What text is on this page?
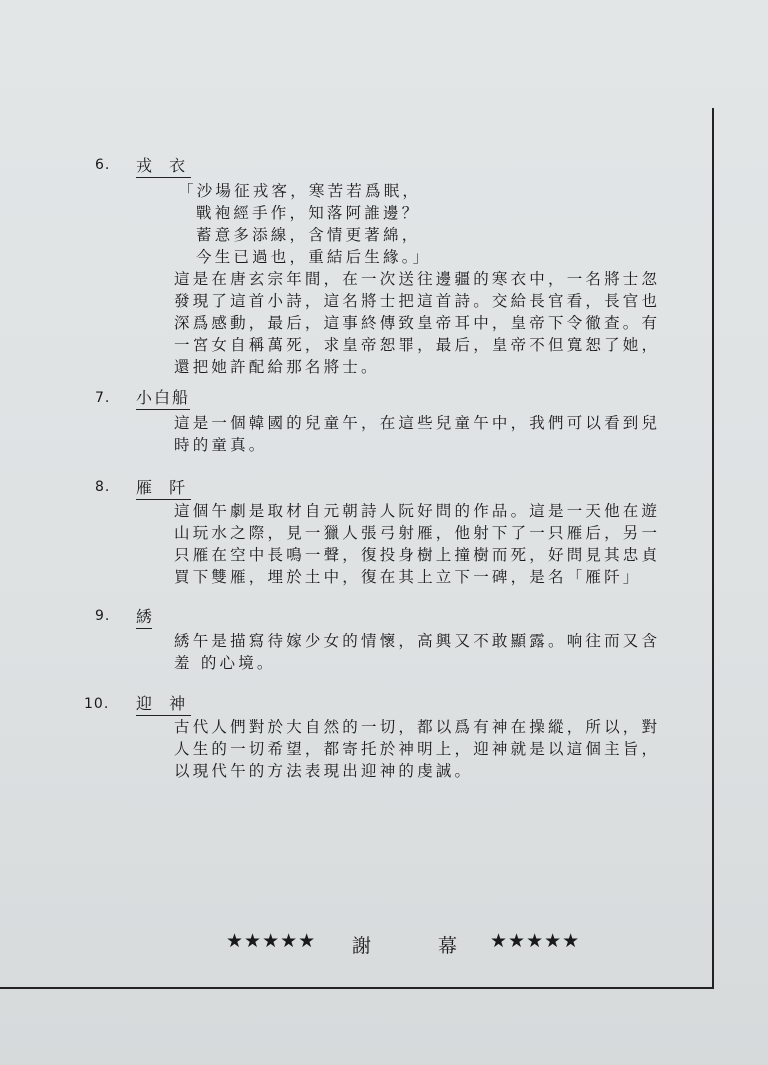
6. 戎 衣
「沙場征戎客，寒苦若爲眠，
戰袍經手作，知落阿誰邊？
蓄意多添線，含情更著綿，
今生已過也，重結后生緣。」
這是在唐玄宗年間，在一次送往邊疆的寒衣中，一名將士忽
發現了這首小詩，這名將士把這首詩。交給長官看，長官也
深爲感動，最后，這事終傳致皇帝耳中，皇帝下令徹查。有
一宮女自稱萬死，求皇帝恕罪，最后，皇帝不但寬恕了她，
還把她許配給那名將士。
7. 小白船
這是一個韓國的兒童午，在這些兒童午中，我們可以看到兒
時的童真。
8. 雁 阡
這個午劇是取材自元朝詩人阮好問的作品。這是一天他在遊
山玩水之際，見一獵人張弓射雁，他射下了一只雁后，另一
只雁在空中長鳴一聲，復投身樹上撞樹而死，好問見其忠貞
買下雙雁，埋於土中，復在其上立下一碑，是名「雁阡」
9. 綉
綉午是描寫待嫁少女的情懷，高興又不敢顯露。响往而又含
羞 的心境。
10. 迎 神
古代人們對於大自然的一切，都以爲有神在操縱，所以，對
人生的一切希望，都寄托於神明上，迎神就是以這個主旨，
以現代午的方法表現出迎神的虔誠。
★★★★★ 謝	幕 ★★★★★
